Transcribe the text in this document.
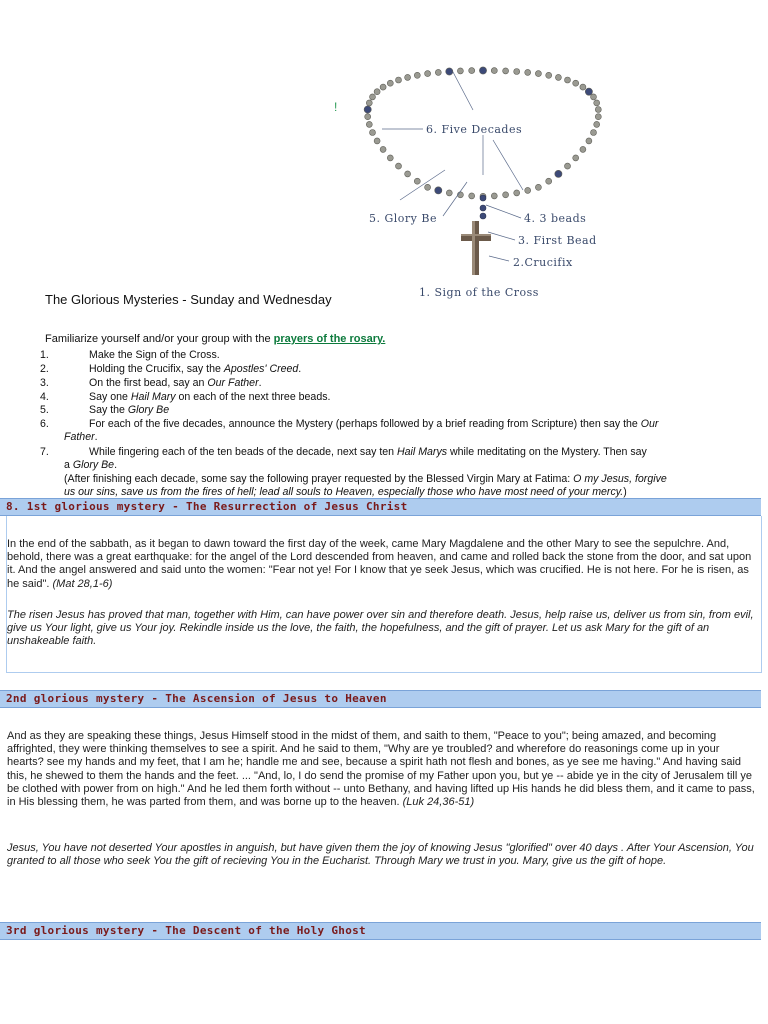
!
6. Five Decades
5. Glory Be	4. 3 beads
3. First Bead
2.Crucifix
1. Sign of the Cross
The Glorious Mysteries - Sunday and Wednesday
Familiarize yourself and/or your group with the prayers of the rosary.
1.	Make the Sign of the Cross.
2.	Holding the Crucifix, say the Apostles' Creed.
3.	On the first bead, say an Our Father.
4.	Say one Hail Mary on each of the next three beads.
5.	Say the Glory Be
6.	For each of the five decades, announce the Mystery (perhaps followed by a brief reading from Scripture) then say the Our
Father.
7.	While fingering each of the ten beads of the decade, next say ten Hail Marys while meditating on the Mystery. Then say
a Glory Be.
(After finishing each decade, some say the following prayer requested by the Blessed Virgin Mary at Fatima: O my Jesus, forgive
us our sins, save us from the fires of hell; lead all souls to Heaven, especially those who have most need of your mercy.)
8. 1st glorious mystery - The Resurrection of Jesus Christ
In the end of the sabbath, as it began to dawn toward the first day of the week, came Mary Magdalene and the other Mary to see the sepulchre. And, behold, there was a great earthquake: for the angel of the Lord descended from heaven, and came and rolled back the stone from the door, and sat upon it. And the angel answered and said unto the women: "Fear not ye! For I know that ye seek Jesus, which was crucified. He is not here. For he is risen, as he said". (Mat 28,1-6)
The risen Jesus has proved that man, together with Him, can have power over sin and therefore death. Jesus, help raise us, deliver us from sin, from evil, give us Your light, give us Your joy. Rekindle inside us the love, the faith, the hopefulness, and the gift of prayer. Let us ask Mary for the gift of an unshakeable faith.
2nd glorious mystery - The Ascension of Jesus to Heaven
And as they are speaking these things, Jesus Himself stood in the midst of them, and saith to them, "Peace to you"; being amazed, and becoming affrighted, they were thinking themselves to see a spirit. And he said to them, "Why are ye troubled? and wherefore do reasonings come up in your hearts? see my hands and my feet, that I am he; handle me and see, because a spirit hath not flesh and bones, as ye see me having." And having said this, he shewed to them the hands and the feet. ... "And, lo, I do send the promise of my Father upon you, but ye -- abide ye in the city of Jerusalem till ye be clothed with power from on high." And he led them forth without -- unto Bethany, and having lifted up His hands he did bless them, and it came to pass, in His blessing them, he was parted from them, and was borne up to the heaven. (Luk 24,36-51)
Jesus, You have not deserted Your apostles in anguish, but have given them the joy of knowing Jesus "glorified" over 40 days . After Your Ascension, You granted to all those who seek You the gift of recieving You in the Eucharist. Through Mary we trust in you. Mary, give us the gift of hope.
3rd glorious mystery - The Descent of the Holy Ghost
